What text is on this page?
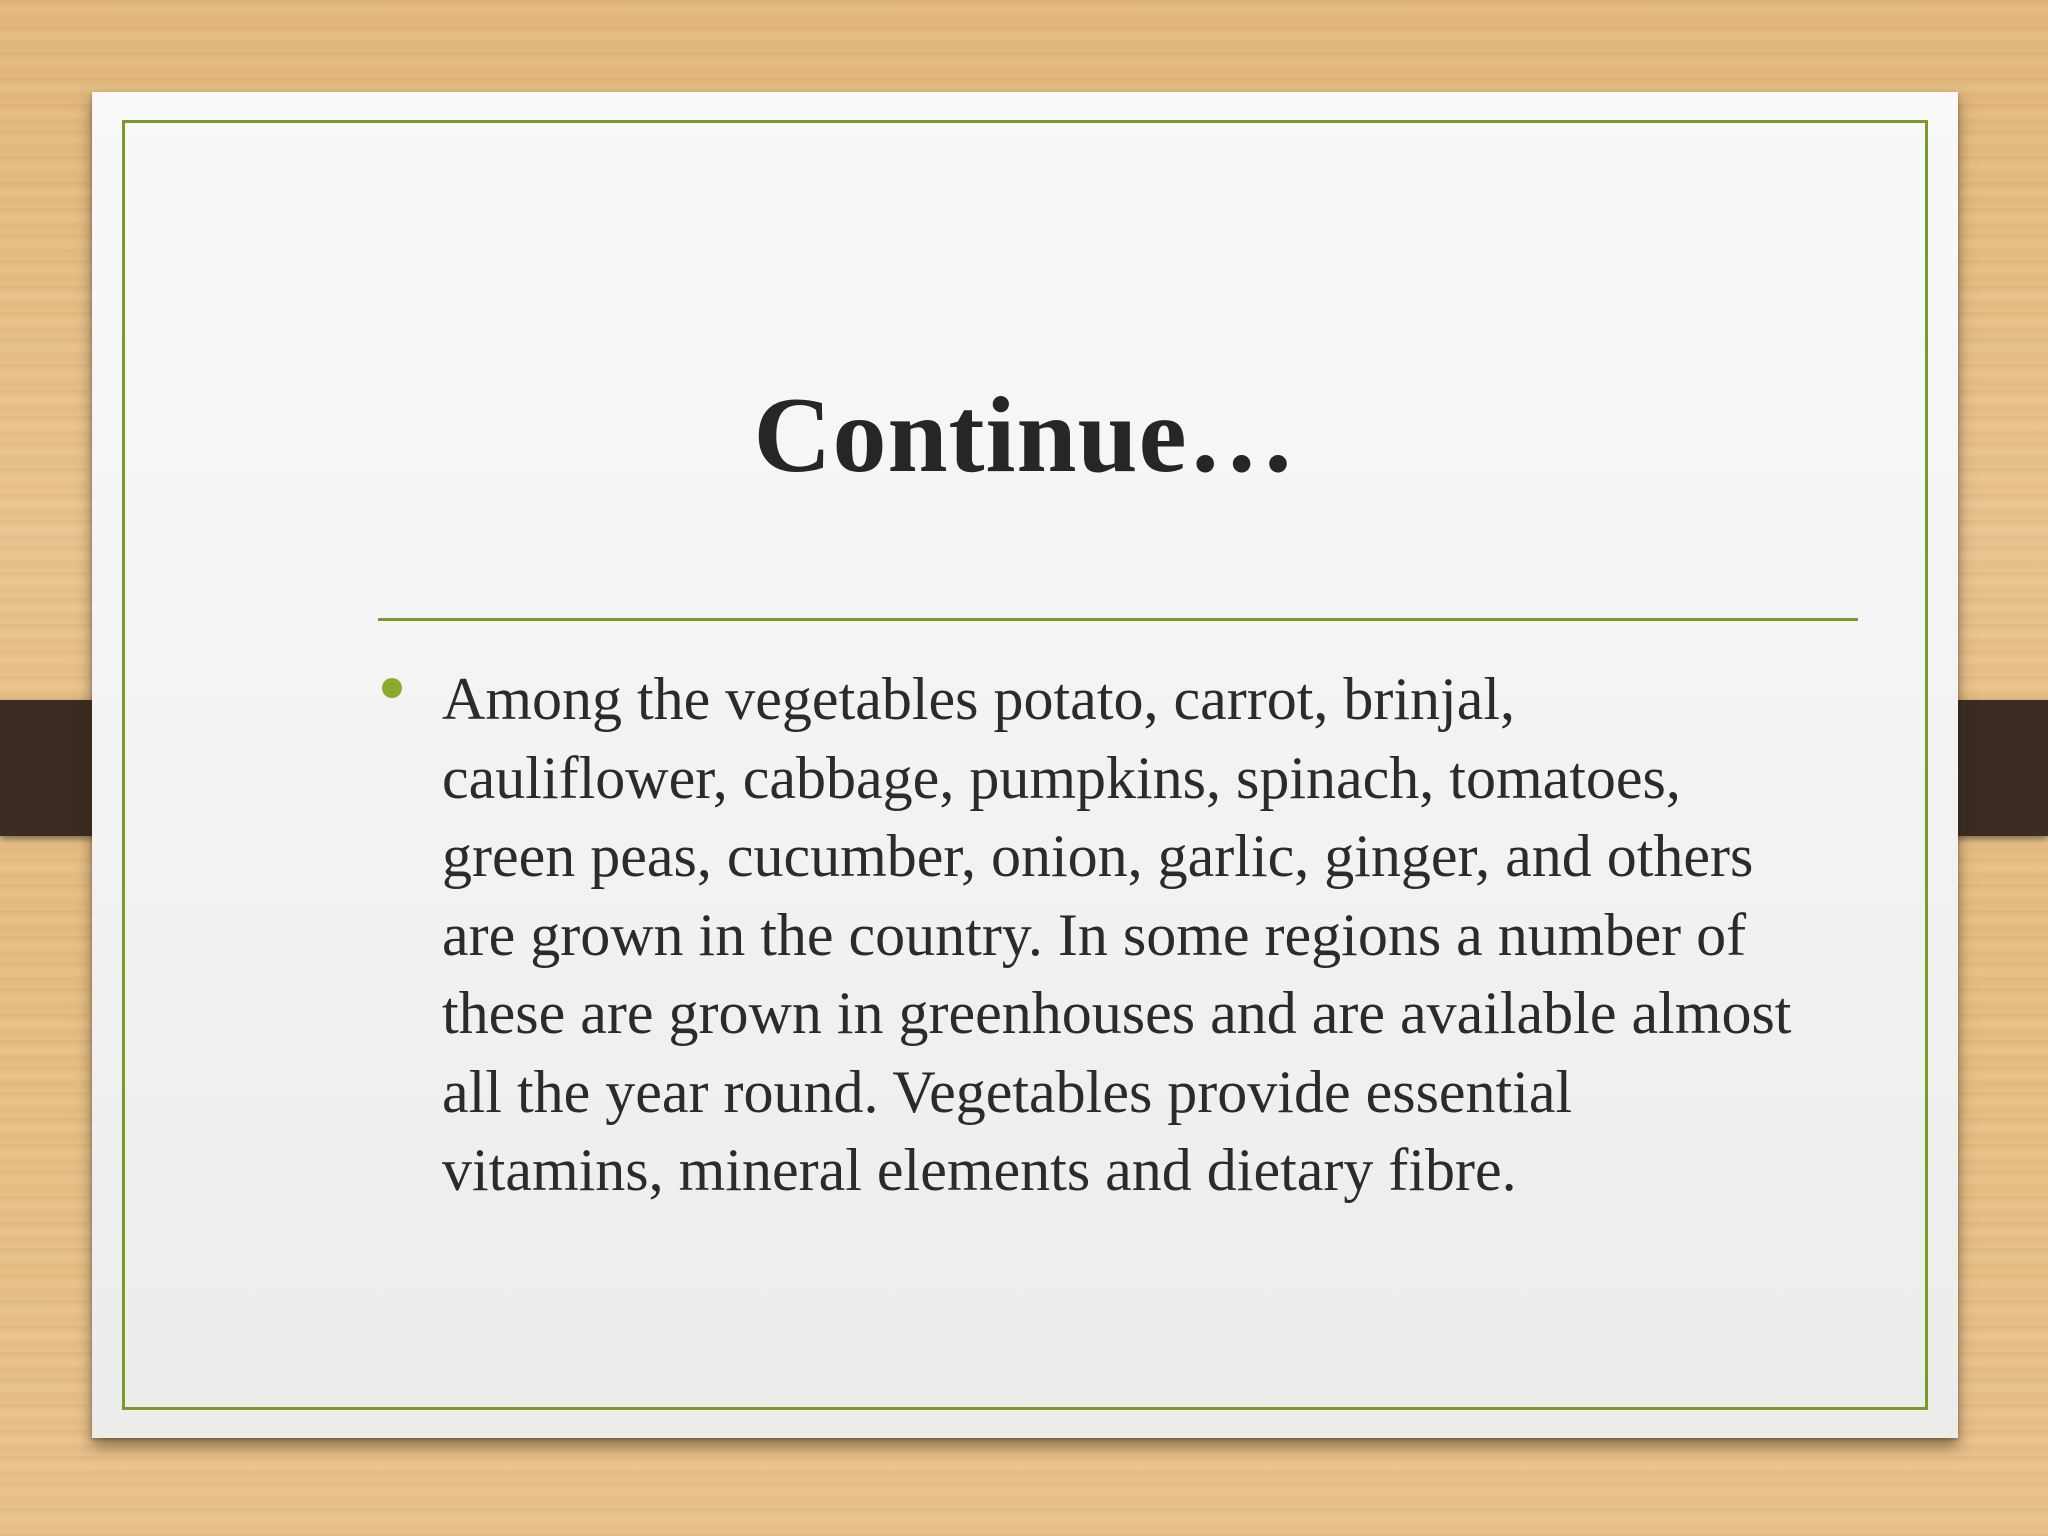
Continue…
Among the vegetables potato, carrot, brinjal,
cauliflower, cabbage, pumpkins, spinach, tomatoes,
green peas, cucumber, onion, garlic, ginger, and others
are grown in the country. In some regions a number of
these are grown in greenhouses and are available almost
all the year round. Vegetables provide essential
vitamins, mineral elements and dietary fibre.
